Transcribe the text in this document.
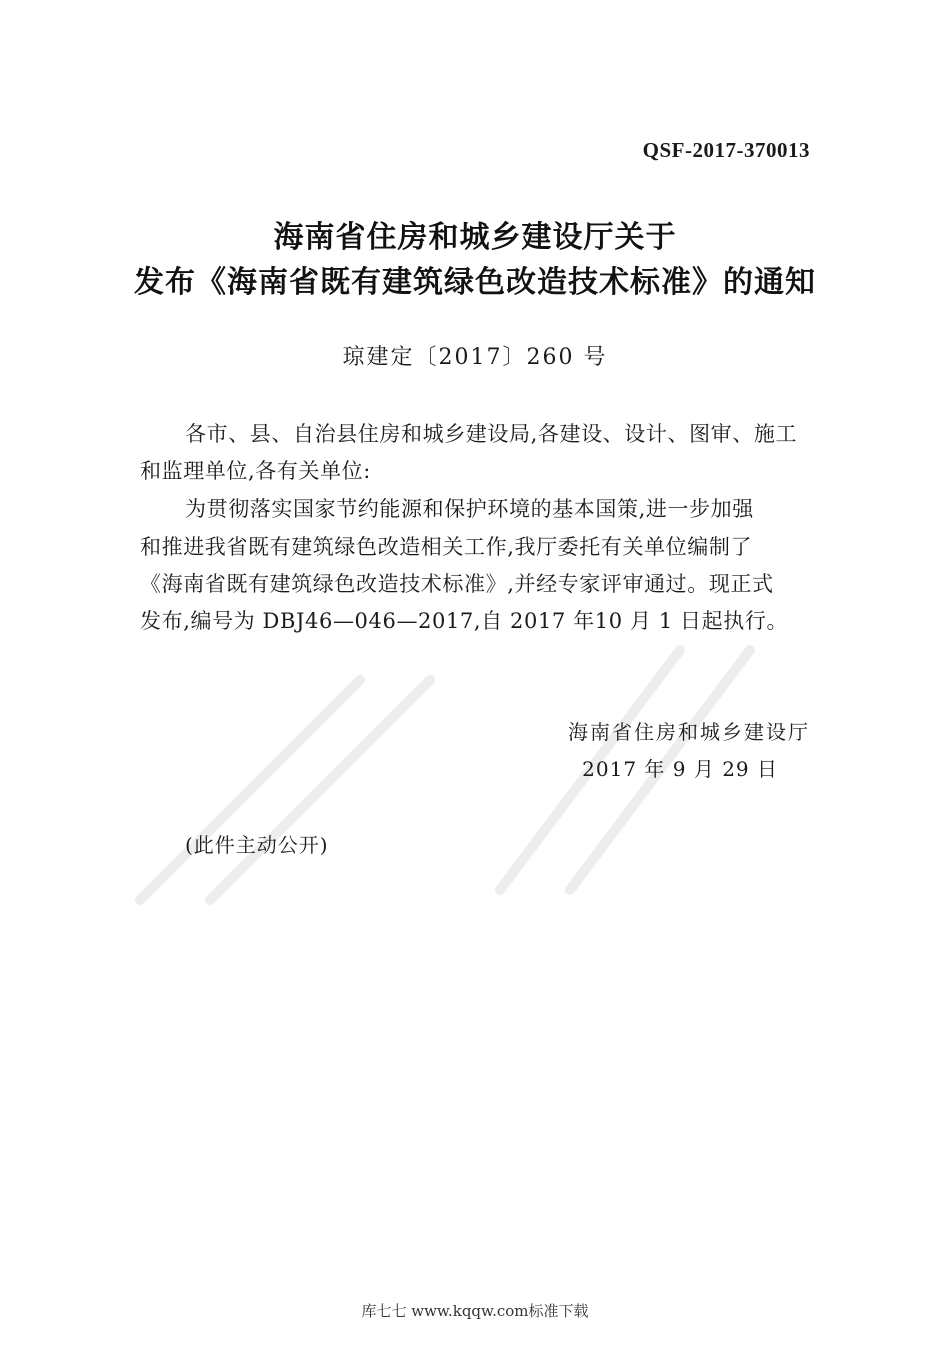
QSF-2017-370013
海南省住房和城乡建设厅关于
发布《海南省既有建筑绿色改造技术标准》的通知
琼建定〔2017〕260 号
各市、县、自治县住房和城乡建设局,各建设、设计、图审、施工
和监理单位,各有关单位:
为贯彻落实国家节约能源和保护环境的基本国策,进一步加强
和推进我省既有建筑绿色改造相关工作,我厅委托有关单位编制了
《海南省既有建筑绿色改造技术标准》,并经专家评审通过。现正式
发布,编号为 DBJ46—046—2017,自 2017 年10 月 1 日起执行。
海南省住房和城乡建设厅
2017 年 9 月 29 日
(此件主动公开)
库七七 www.kqqw.com标准下载
